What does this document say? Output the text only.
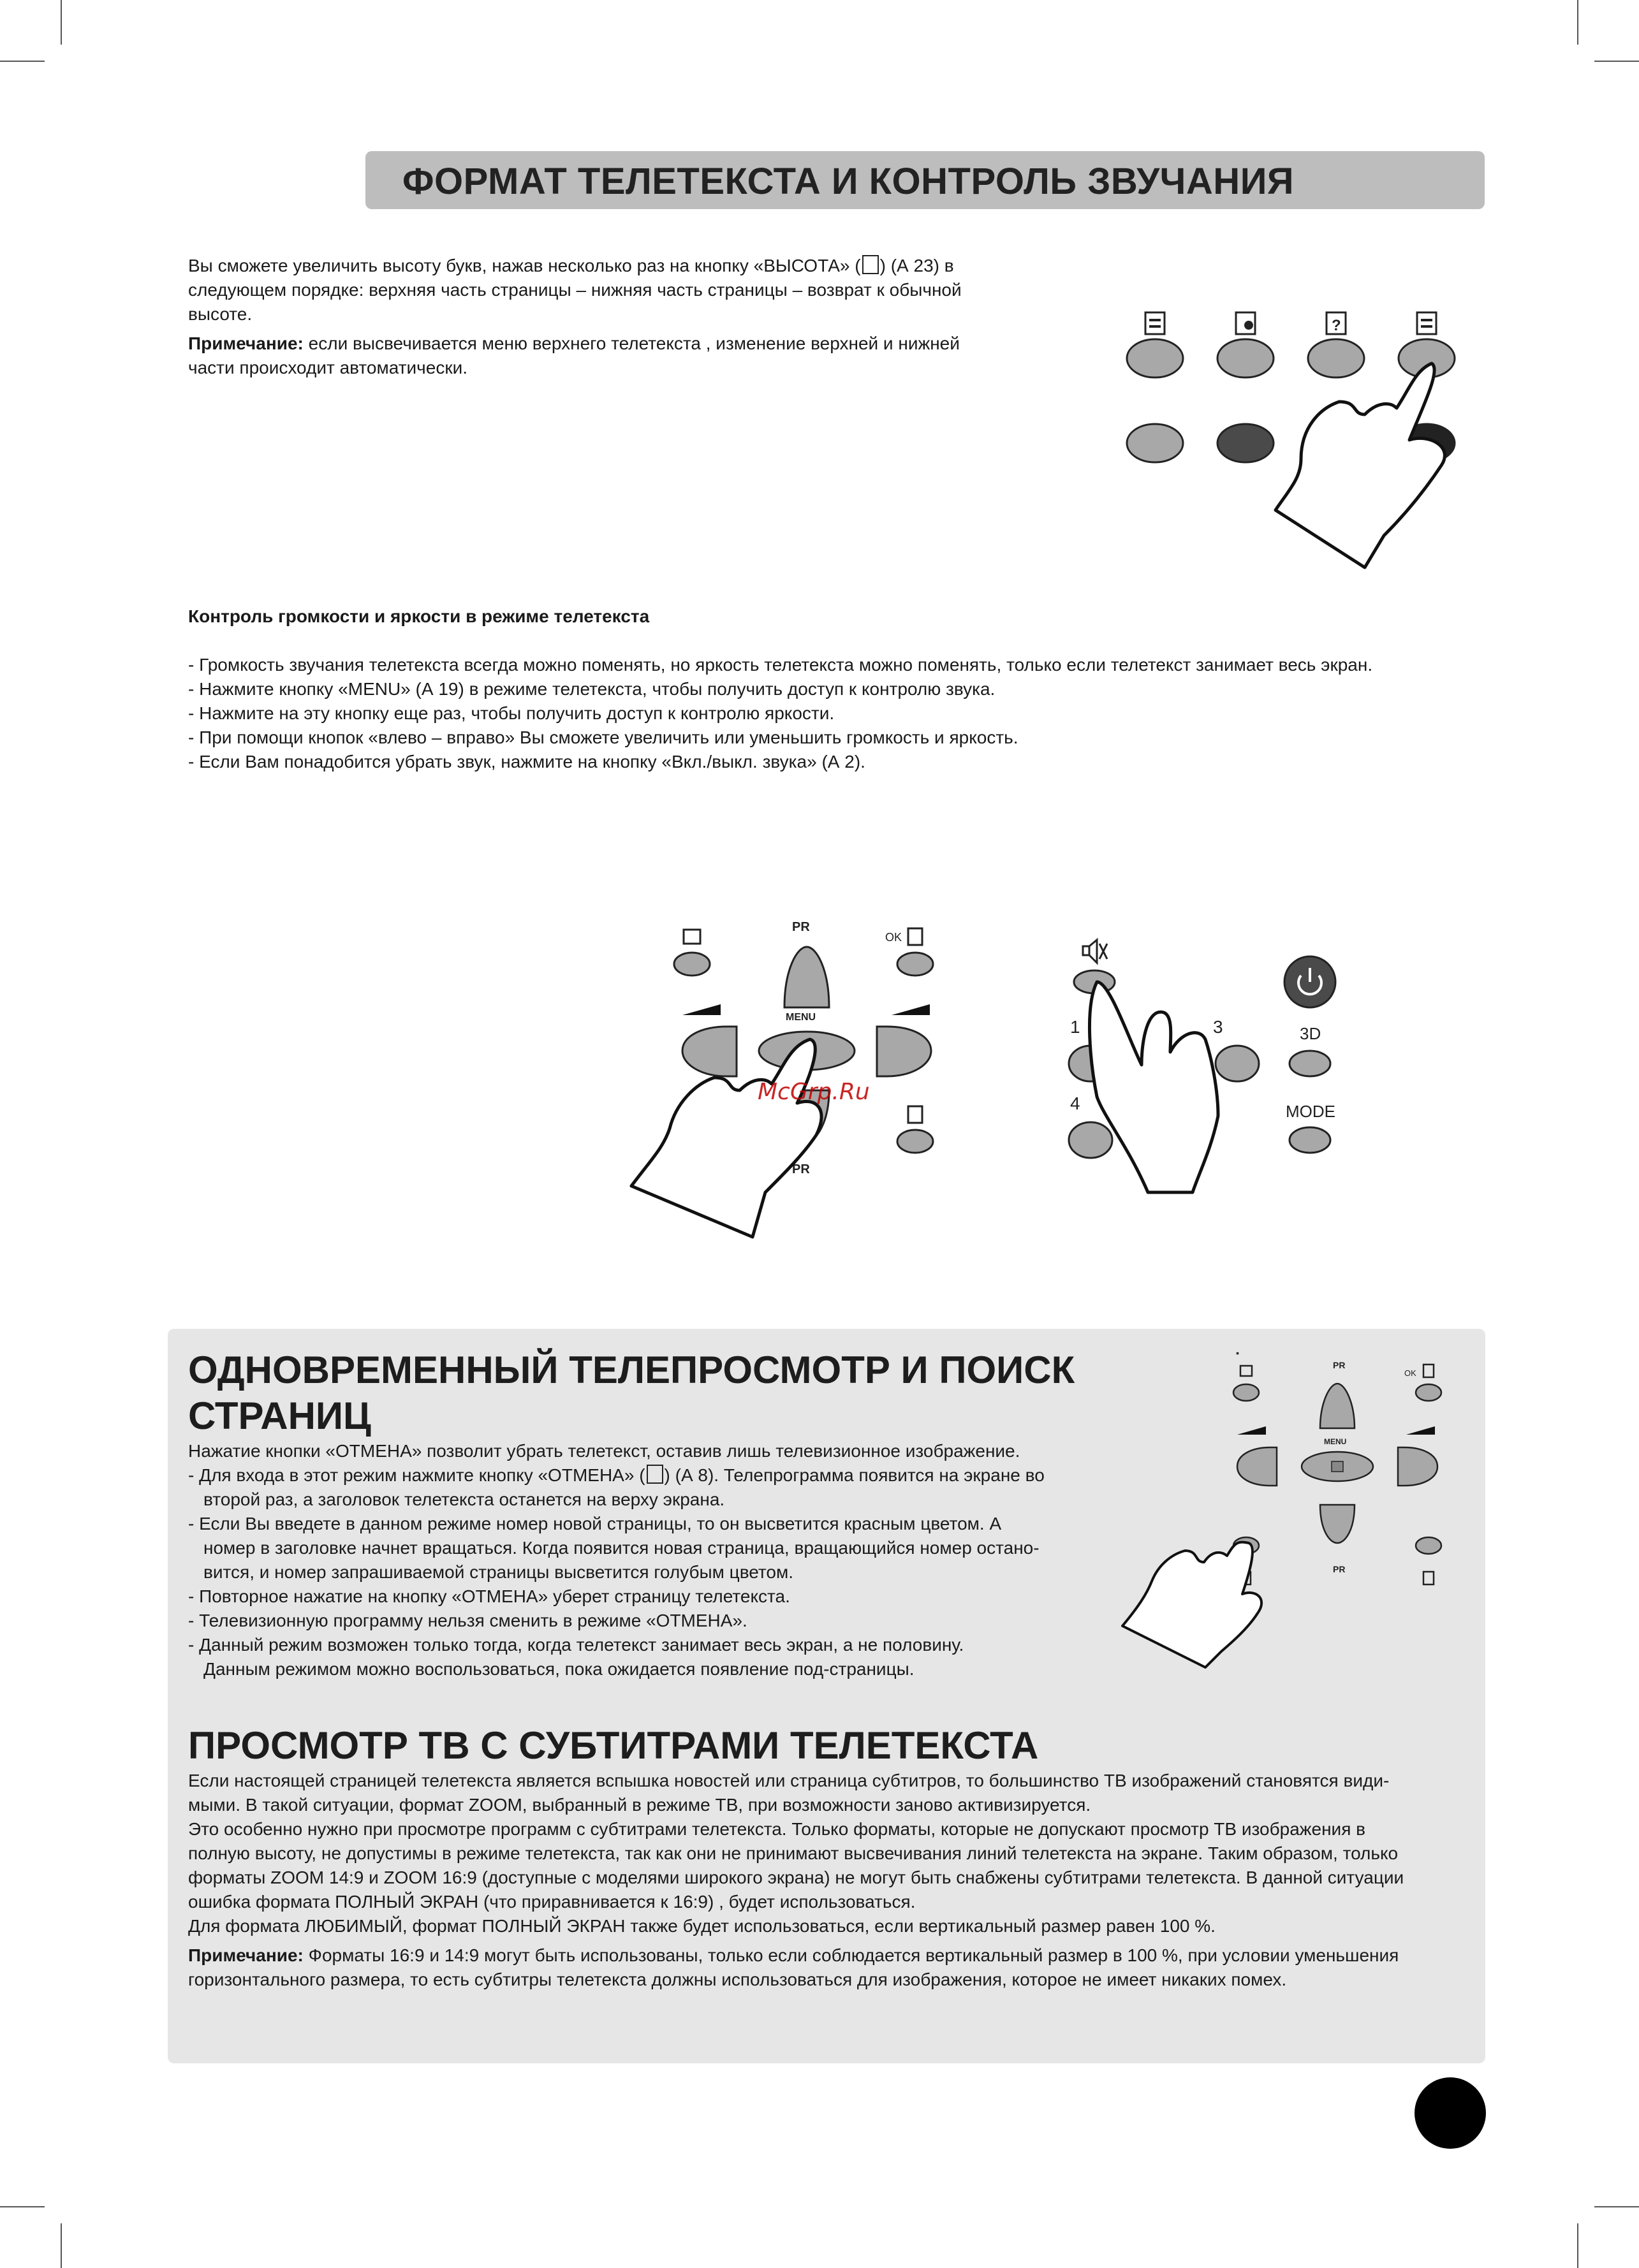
ФОРМАТ ТЕЛЕТЕКСТА И КОНТРОЛЬ ЗВУЧАНИЯ

Вы сможете увеличить высоту букв, нажав несколько раз на кнопку «ВЫСОТА» ( ) (А 23) в

следующем порядке: верхняя часть страницы – нижняя часть страницы – возврат к обычной

высоте.

Примечание: если высвечивается меню верхнего телетекста , изменение верхней и нижней

части происходит автоматически.

?

Контроль громкости и яркости в режиме телетекста

- Громкость звучания телетекста всегда можно поменять, но яркость телетекста можно поменять, только если телетекст занимает весь экран.
- Нажмите кнопку «MENU» (А 19) в режиме телетекста, чтобы получить доступ к контролю звука.
- Нажмите на эту кнопку еще раз, чтобы получить доступ к контролю яркости.
- При помощи кнопок «влево – вправо» Вы сможете увеличить или уменьшить громкость и яркость.
- Если Вам понадобится убрать звук, нажмите на кнопку «Вкл./выкл. звука» (А 2).
PR
OK
MENU
PR
McGrp.Ru
1	3	3D
4	MODE
ОДНОВРЕМЕННЫЙ ТЕЛЕПРОСМОТР И ПОИСК
СТРАНИЦ

Нажатие кнопки «ОТМЕНА» позволит убрать телетекст, оставив лишь телевизионное изображение.

- Для входа в этот режим нажмите кнопку «ОТМЕНА» ( ) (А 8). Телепрограмма появится на экране во

второй раз, а заголовок телетекста останется на верху экрана.

- Если Вы введете в данном режиме номер новой страницы, то он высветится красным цветом. А

номер в заголовке начнет вращаться. Когда появится новая страница, вращающийся номер остано-

вится, и номер запрашиваемой страницы высветится голубым цветом.

- Повторное нажатие на кнопку «ОТМЕНА» уберет страницу телетекста.

- Телевизионную программу нельзя сменить в режиме «ОТМЕНА».

- Данный режим возможен только тогда, когда телетекст занимает весь экран, а не половину.

Данным режимом можно воспользоваться, пока ожидается появление под-страницы.

PR
OK
MENU
PR
ПРОСМОТР ТВ С СУБТИТРАМИ ТЕЛЕТЕКСТА

Если настоящей страницей телетекста является вспышка новостей или страница субтитров, то большинство ТВ изображений становятся види-

мыми. В такой ситуации, формат ZOOM, выбранный в режиме ТВ, при возможности заново активизируется.

Это особенно нужно при просмотре программ с субтитрами телетекста. Только форматы, которые не допускают просмотр ТВ изображения в

полную высоту, не допустимы в режиме телетекста, так как они не принимают высвечивания линий телетекста на экране. Таким образом, только

форматы ZOOM 14:9 и ZOOM 16:9 (доступные с моделями широкого экрана) не могут быть снабжены субтитрами телетекста. В данной ситуации

ошибка формата ПОЛНЫЙ ЭКРАН (что приравнивается к 16:9) , будет использоваться.

Для формата ЛЮБИМЫЙ, формат ПОЛНЫЙ ЭКРАН также будет использоваться, если вертикальный размер равен 100 %.

Примечание: Форматы 16:9 и 14:9 могут быть использованы, только если соблюдается вертикальный размер в 100 %, при условии уменьшения

горизонтального размера, то есть субтитры телетекста должны использоваться для изображения, которое не имеет никаких помех.
